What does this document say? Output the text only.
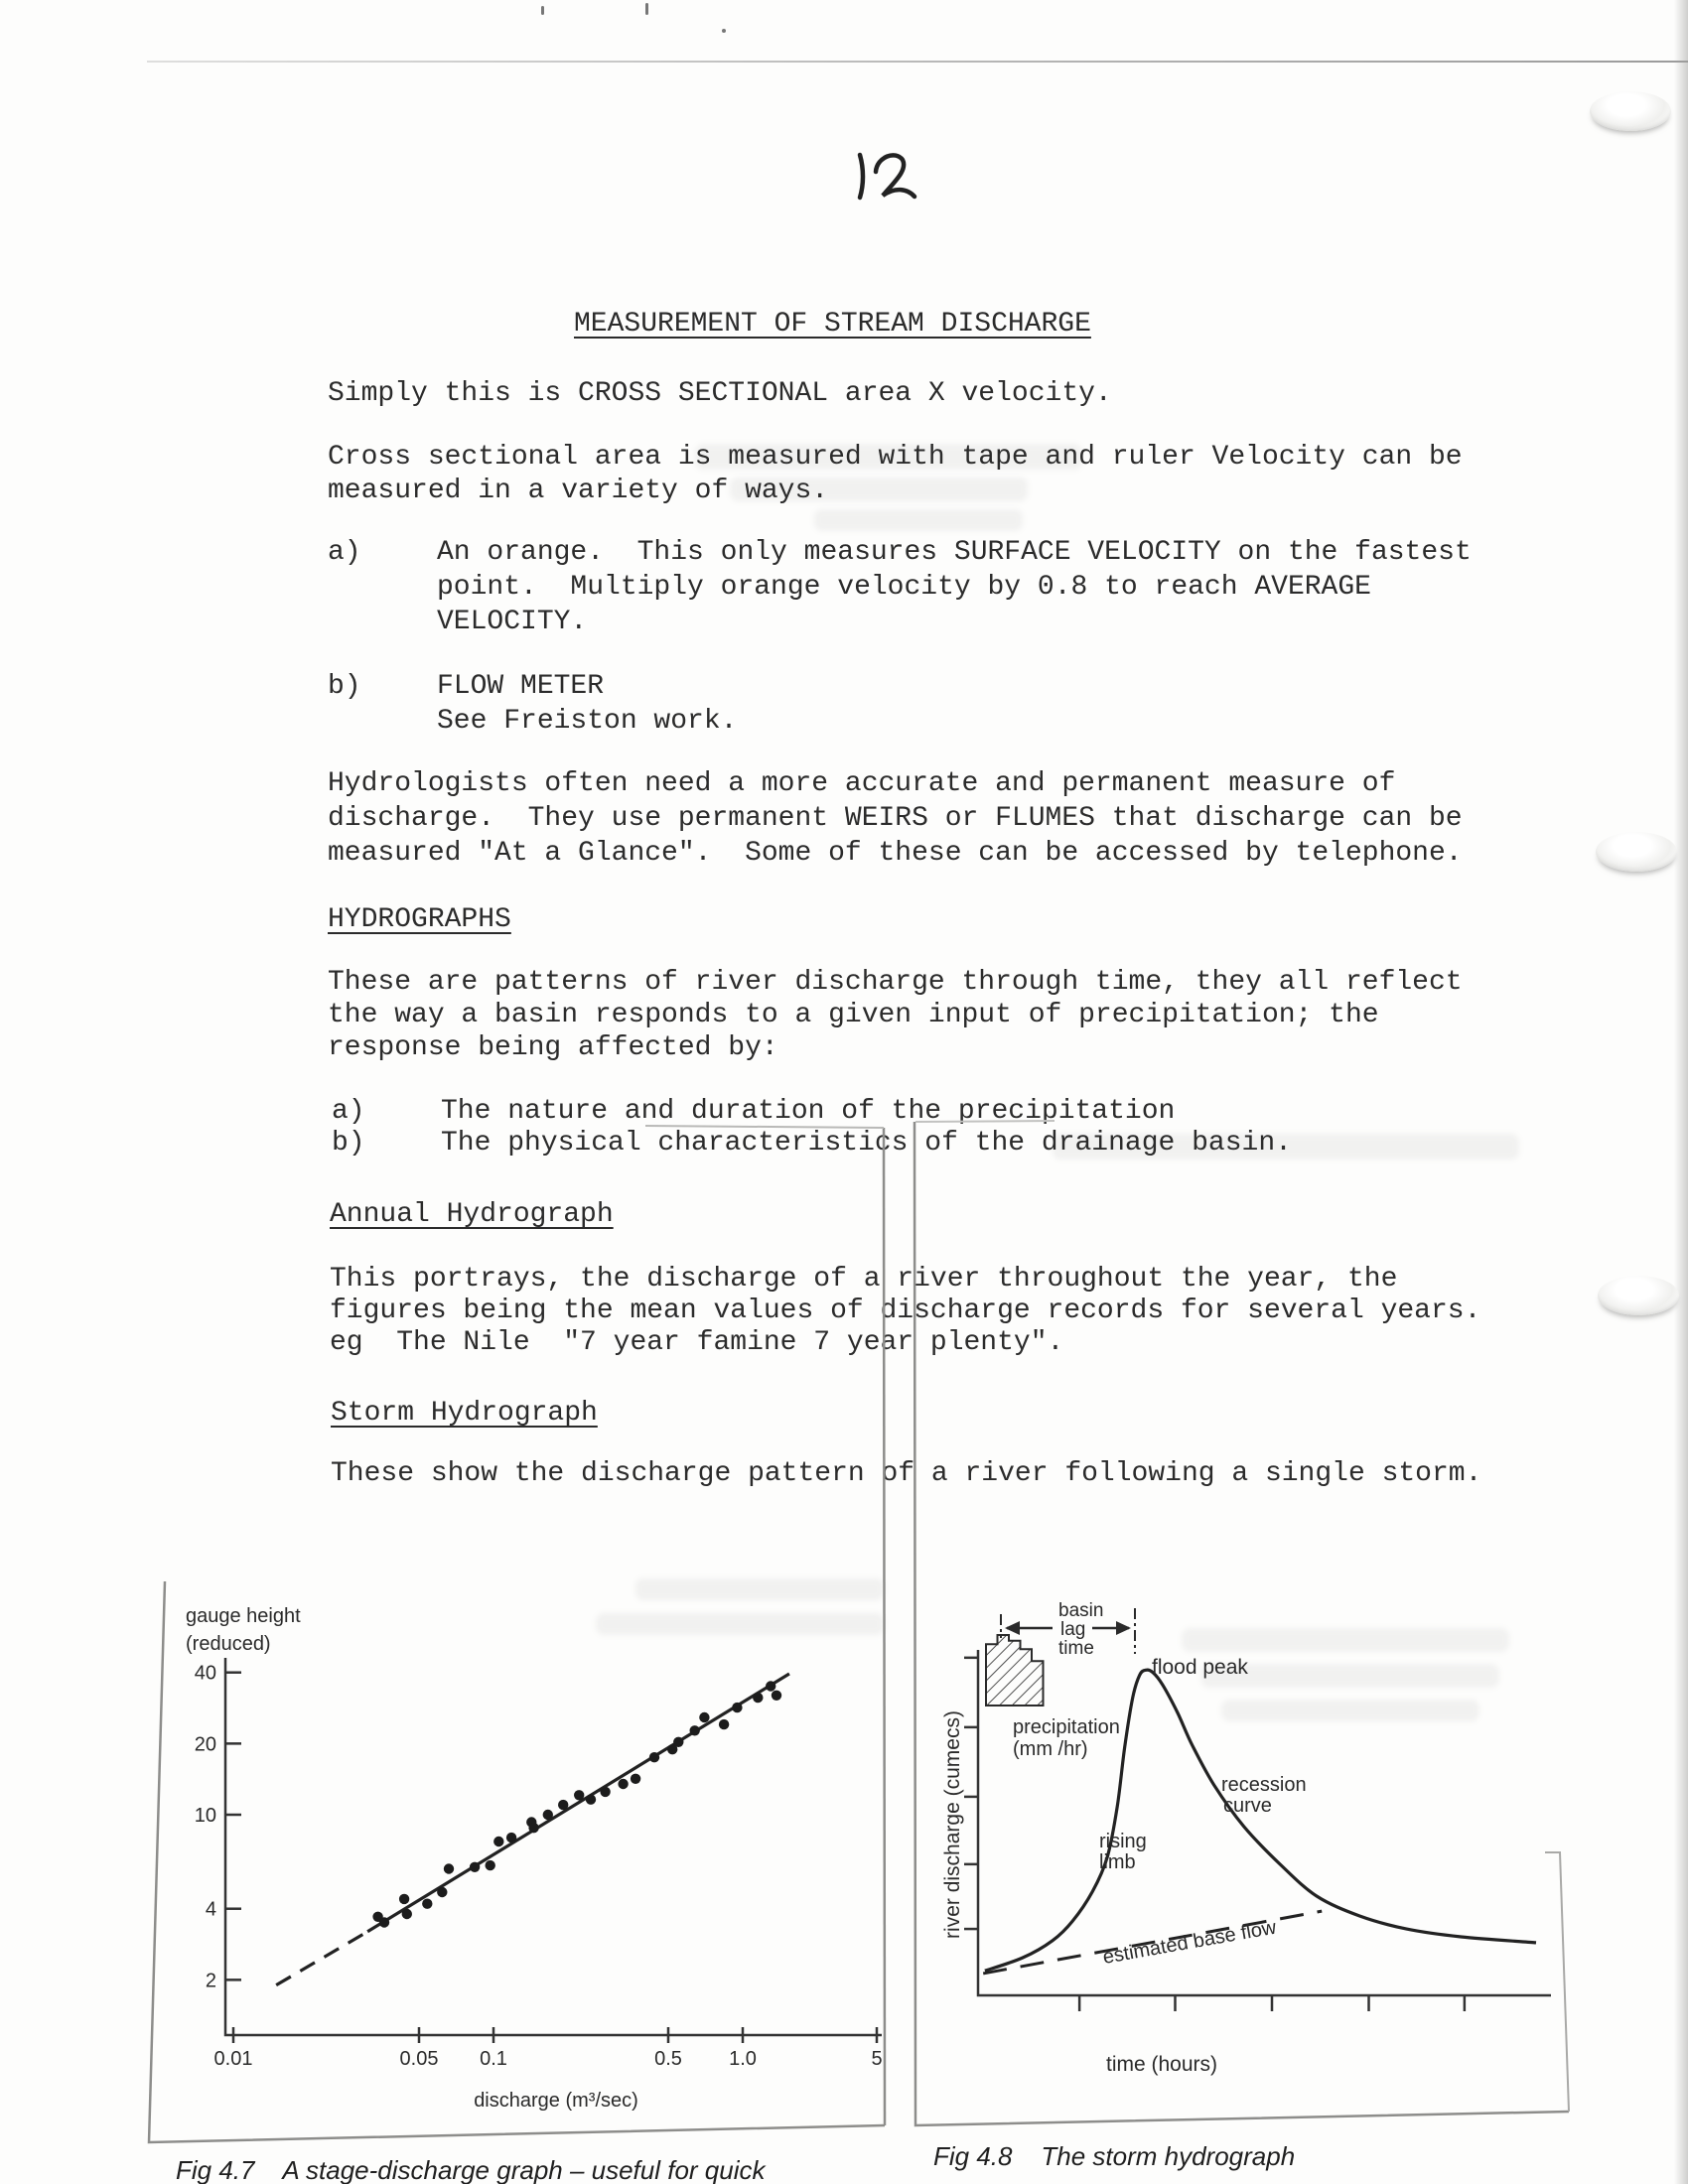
MEASUREMENT OF STREAM DISCHARGE
Simply this is CROSS SECTIONAL area X velocity.
Cross sectional area is measured with tape and ruler Velocity can be
measured in a variety of ways.
a)	An orange.  This only measures SURFACE VELOCITY on the fastest
point.  Multiply orange velocity by 0.8 to reach AVERAGE
VELOCITY.
b)	FLOW METER
See Freiston work.
Hydrologists often need a more accurate and permanent measure of
discharge.  They use permanent WEIRS or FLUMES that discharge can be
measured "At a Glance".  Some of these can be accessed by telephone.
HYDROGRAPHS
These are patterns of river discharge through time, they all reflect
the way a basin responds to a given input of precipitation; the
response being affected by:
a)	The nature and duration of the precipitation
b)	The physical characteristics of the drainage basin.
Annual Hydrograph
This portrays, the discharge of a river throughout the year, the
figures being the mean values of discharge records for several years.
eg  The Nile  "7 year famine 7 year plenty".
Storm Hydrograph
These show the discharge pattern of a river following a single storm.
40
20
10
4
2
0.01	0.05 0.1	0.5 1.0	5
discharge (m³/sec)
gauge height
(reduced)
time (hours)
river discharge (cumecs)
estimated base flow
basin
lag
time
flood peak
precipitation
(mm /hr)
recession
curve
rising
limb
Fig 4.7    A stage-discharge graph – useful for quick	Fig 4.8    The storm hydrograph
